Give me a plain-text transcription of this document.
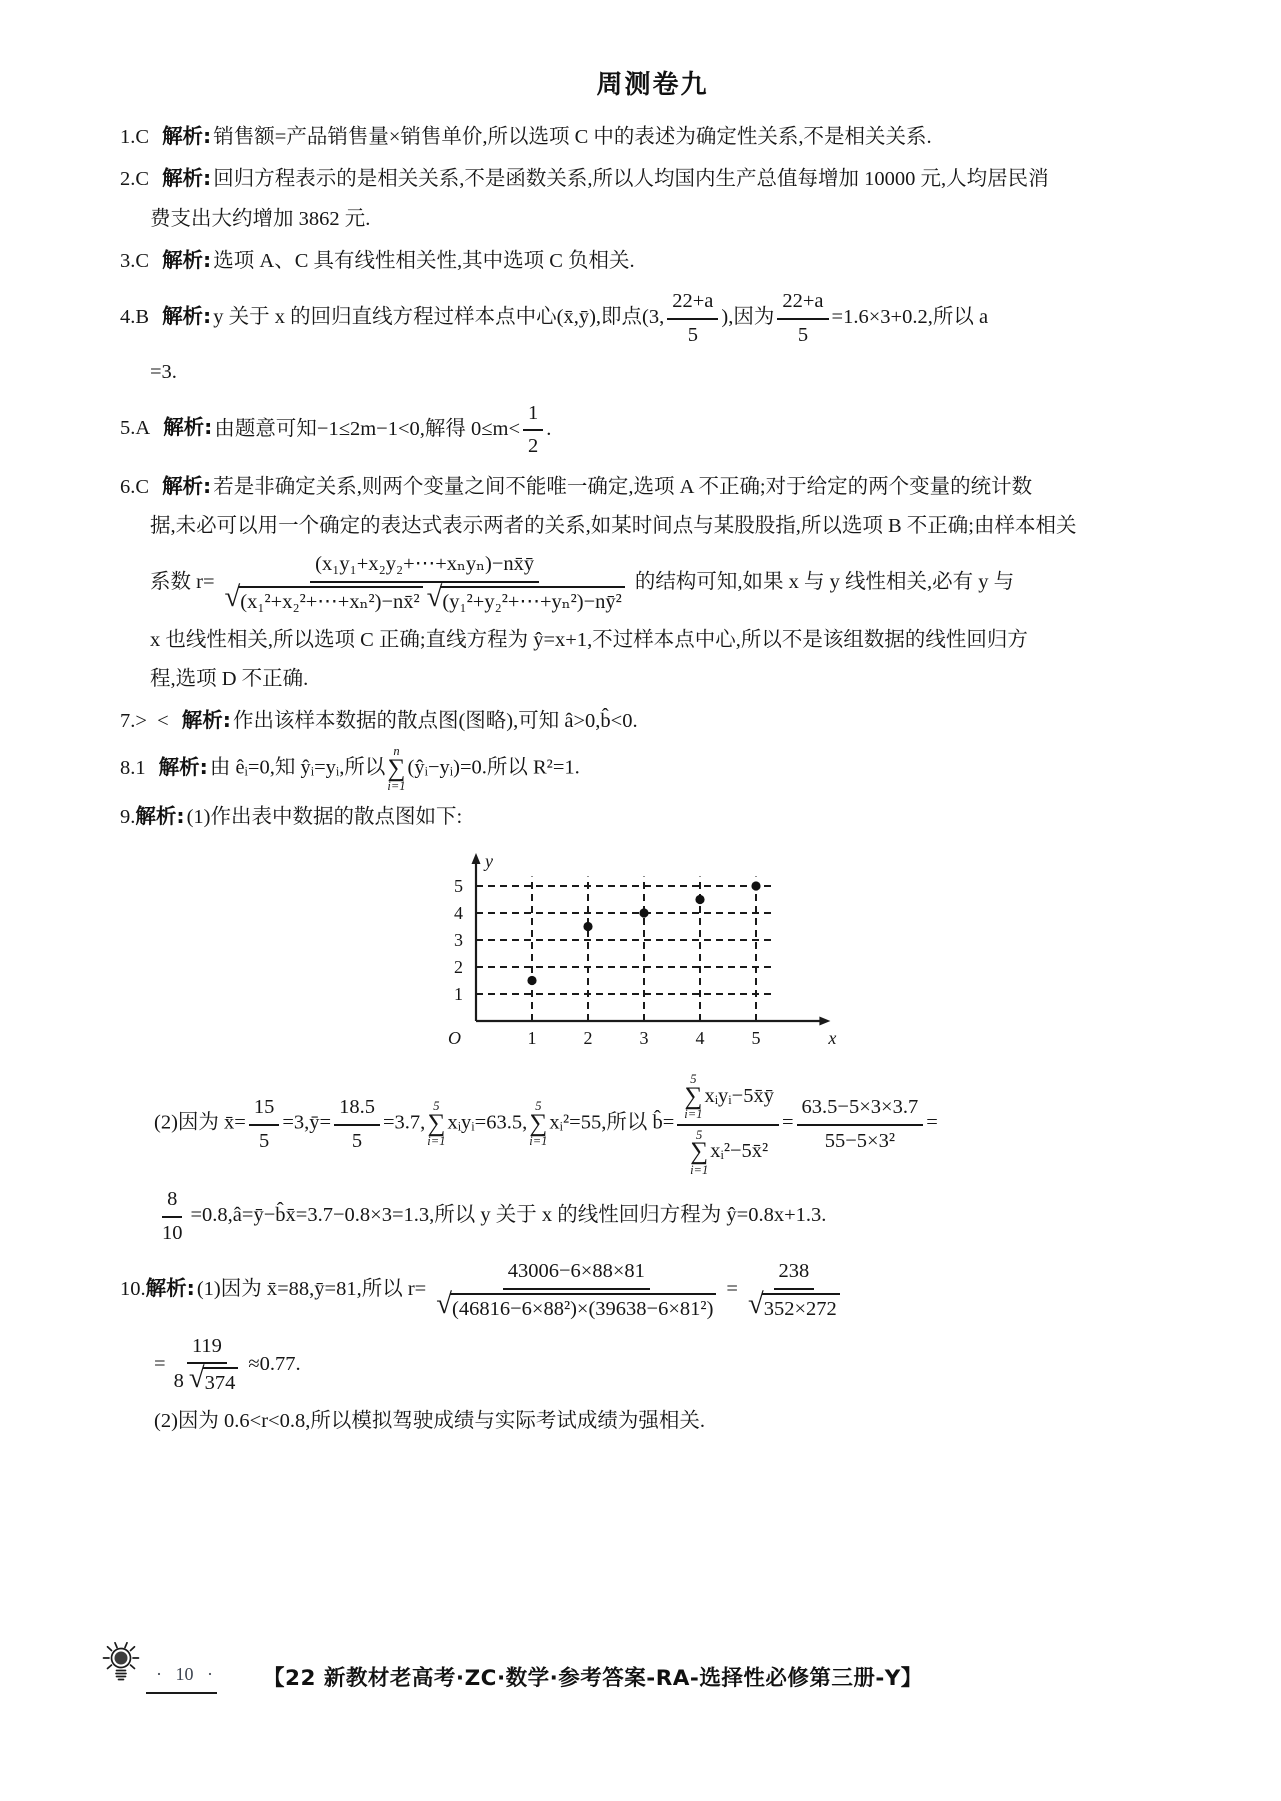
周测卷九

1.C 解析:销售额=产品销售量×销售单价,所以选项 C 中的表述为确定性关系,不是相关关系.

2.C 解析:回归方程表示的是相关关系,不是函数关系,所以人均国内生产总值每增加 10000 元,人均居民消

费支出大约增加 3862 元.

3.C 解析:选项 A、C 具有线性相关性,其中选项 C 负相关.

4.B 解析:y 关于 x 的回归直线方程过样本点中心(x̄,ȳ),即点(3, $\frac{22+a}{5}$ ),因为 $\frac{22+a}{5} =1.6\times 3+0.2$,所以 a

=3.

5.A 解析:由题意可知−1≤2m−1<0,解得 $0\le m< \frac{1}{2}$ .

6.C 解析:若是非确定关系,则两个变量之间不能唯一确定,选项 A 不正确;对于给定的两个变量的统计数

据,未必可以用一个确定的表达式表示两者的关系,如某时间点与某股股指,所以选项 B 不正确;由样本相关

系数 $r= \frac{\text{(x₁y₁+x₂y₂+⋯+xₙyₙ)−nx̄ȳ}}{\text{√ (x₁²+x₂²+⋯+xₙ²)−nx̄² √ (y₁²+y₂²+⋯+yₙ²)−nȳ²}}$ 的结构可知,如果 x 与 y 线性相关,必有 y 与

x 也线性相关,所以选项 C 正确;直线方程为 ŷ=x+1,不过样本点中心,所以不是该组数据的线性回归方

程,选项 D 不正确.

7.>  < 解析:作出该样本数据的散点图(图略),可知 â>0,b̂<0.

8.1 解析:由 êᵢ=0,知 ŷᵢ=yᵢ,所以
n
∑
i=1
(ŷᵢ−yᵢ)=0.所以 R²=1.

9.解析:(1)作出表中数据的散点图如下:

1	2	3	4	5
1
2
3
4
5
O	x
y

(2)因为 x̄= $\frac{15}{5}$ =3,ȳ= $\frac{18.5}{5} =3.7$,
5
∑
i=1
xᵢyᵢ=63.5,
5
∑
i=1
xᵢ²=55,所以 b̂= 5
∑
i=1
xᵢyᵢ−5x̄ȳ
5
∑
i=1
xᵢ²−5x̄² = $\frac{63.5-5\times 3\times 3.7}{\text{55−5×3²}}$ =

$\frac{8}{10}$ =0.8,â=ȳ−b̂x̄=3.7−0.8×3=1.3,所以 y 关于 x 的线性回归方程为 ŷ=0.8x+1.3.

10.解析:(1)因为 x̄=88,ȳ=81,所以 $r= \frac{43006-6\times 88\times 81}{\text{√ (46816−6×88²)×(39638−6×81²)}} = \frac{238}{√ 352\times 272}$

= $\frac{119}{8 √ 374} \approx 0.77$.

(2)因为 0.6<r<0.8,所以模拟驾驶成绩与实际考试成绩为强相关.

·   10   · 【22 新教材老高考·ZC·数学·参考答案-RA-选择性必修第三册-Y】
